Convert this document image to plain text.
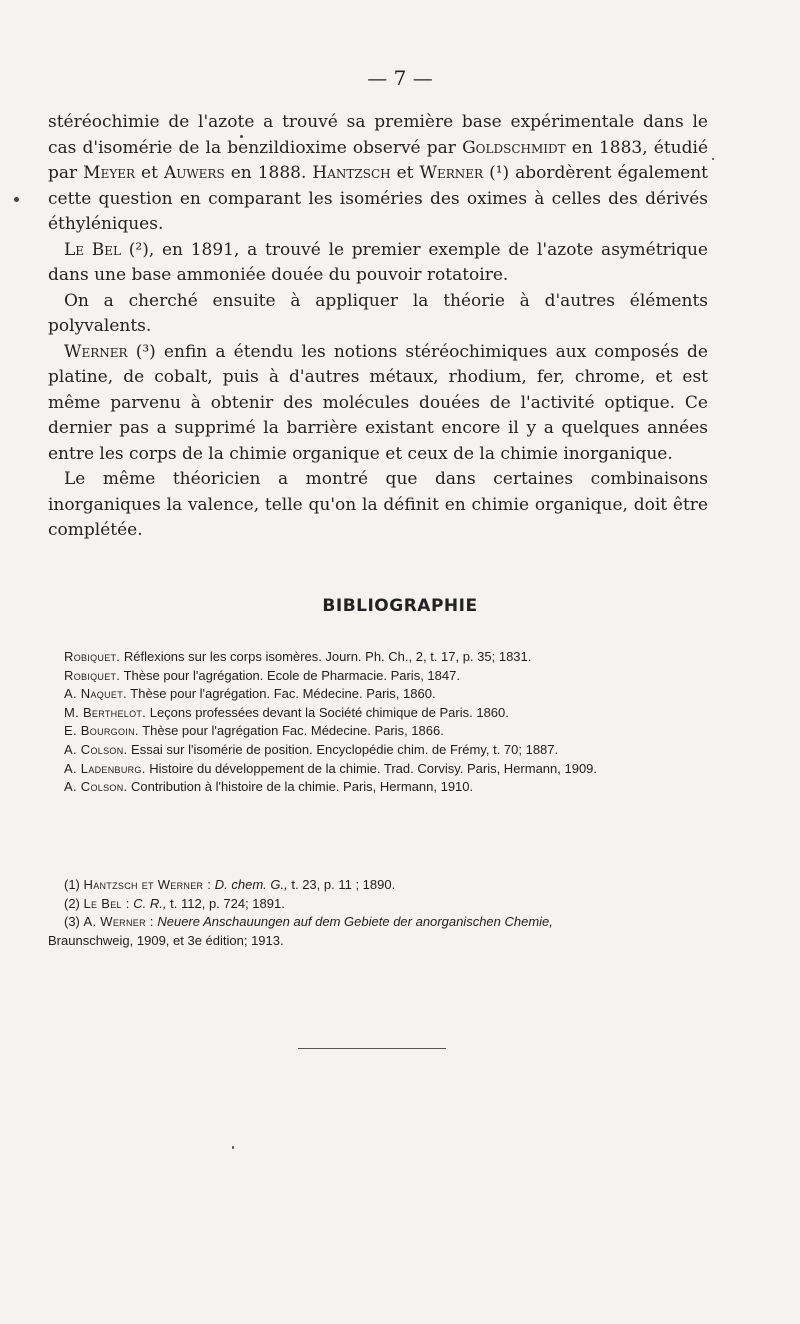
— 7 —

stéréochimie de l'azote a trouvé sa première base expérimentale dans le cas d'isomérie de la benzildioxime observé par Goldschmidt en 1883, étudié par Meyer et Auwers en 1888. Hantzsch et Werner (¹) abordèrent également cette question en comparant les isoméries des oximes à celles des dérivés éthyléniques.

Le Bel (²), en 1891, a trouvé le premier exemple de l'azote asymétrique dans une base ammoniée douée du pouvoir rotatoire.

On a cherché ensuite à appliquer la théorie à d'autres éléments polyvalents.

Werner (³) enfin a étendu les notions stéréochimiques aux composés de platine, de cobalt, puis à d'autres métaux, rhodium, fer, chrome, et est même parvenu à obtenir des molécules douées de l'activité optique. Ce dernier pas a supprimé la barrière existant encore il y a quelques années entre les corps de la chimie organique et ceux de la chimie inorganique.

Le même théoricien a montré que dans certaines combinaisons inorganiques la valence, telle qu'on la définit en chimie organique, doit être complétée.

BIBLIOGRAPHIE
Robiquet. Réflexions sur les corps isomères. Journ. Ph. Ch., 2, t. 17, p. 35; 1831.
Robiquet. Thèse pour l'agrégation. Ecole de Pharmacie. Paris, 1847.
A. Naquet. Thèse pour l'agrégation. Fac. Médecine. Paris, 1860.
M. Berthelot. Leçons professées devant la Société chimique de Paris. 1860.
E. Bourgoin. Thèse pour l'agrégation Fac. Médecine. Paris, 1866.
A. Colson. Essai sur l'isomérie de position. Encyclopédie chim. de Frémy, t. 70; 1887.
A. Ladenburg. Histoire du développement de la chimie. Trad. Corvisy. Paris, Hermann, 1909.
A. Colson. Contribution à l'histoire de la chimie. Paris, Hermann, 1910.
(1) Hantzsch et Werner : D. chem. G., t. 23, p. 11 ; 1890.
(2) Le Bel : C. R., t. 112, p. 724; 1891.
(3) A. Werner : Neuere Anschauungen auf dem Gebiete der anorganischen Chemie,
Braunschweig, 1909, et 3e édition; 1913.
